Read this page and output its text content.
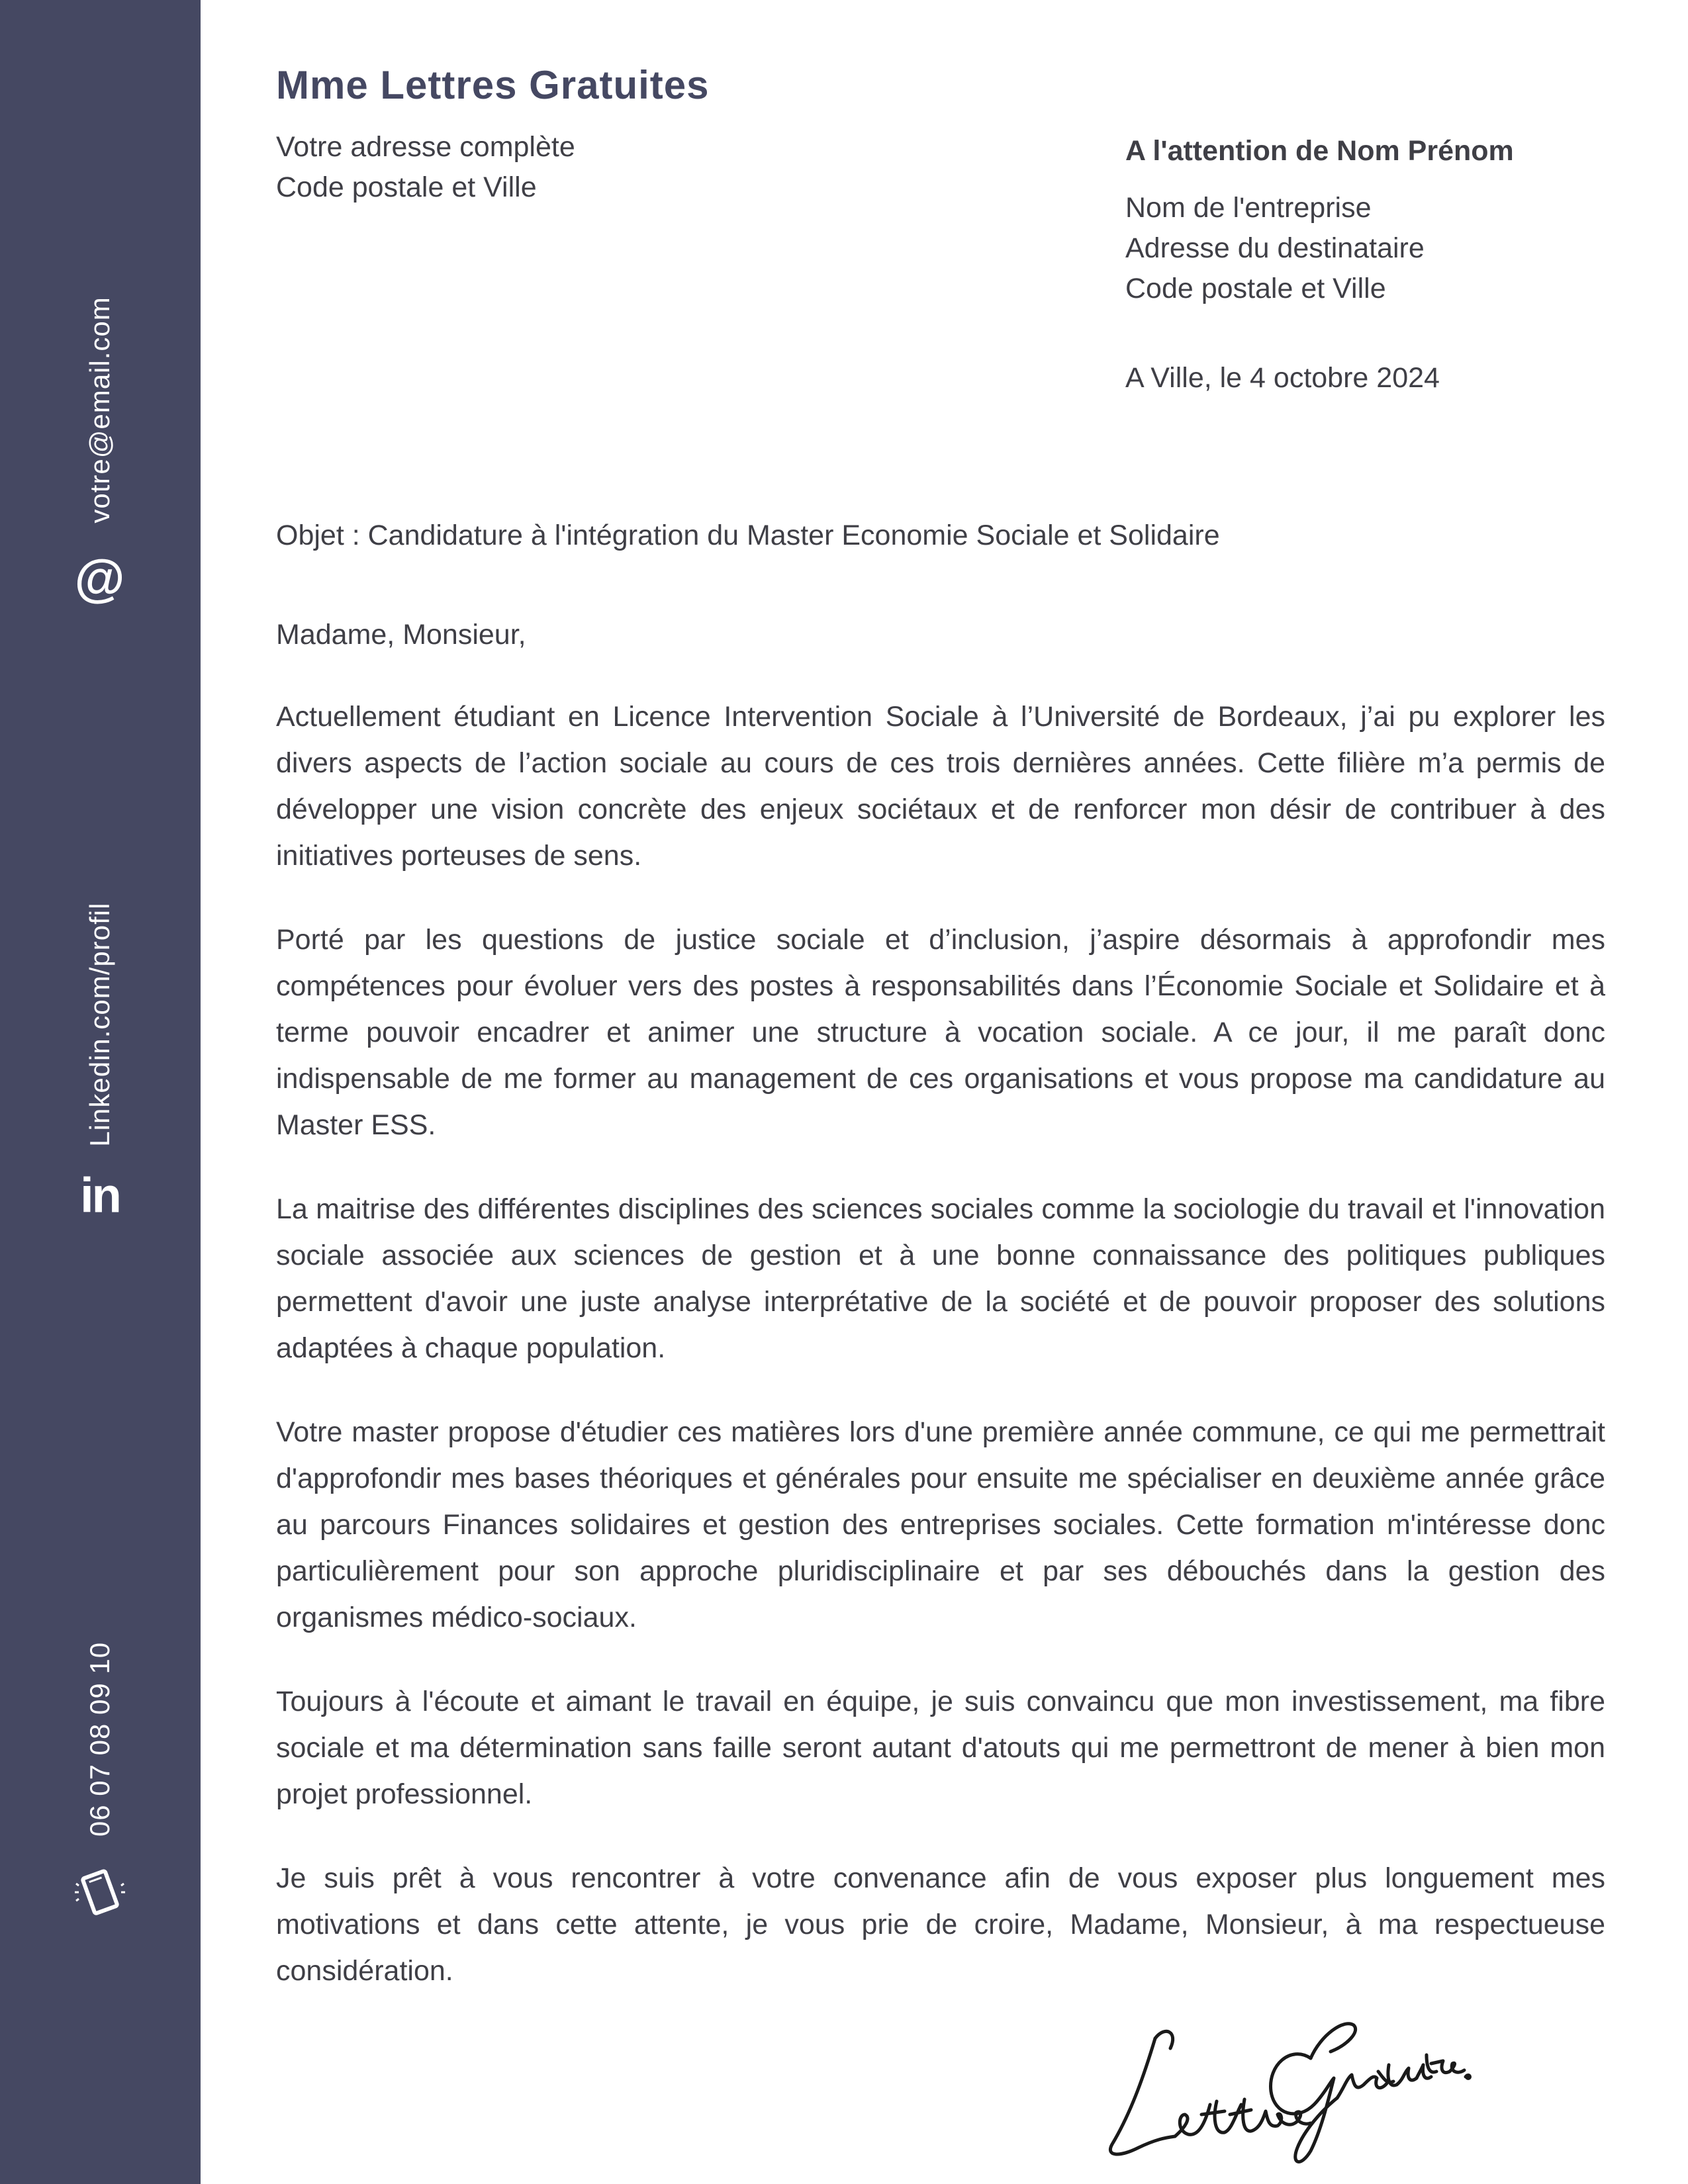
@
votre@email.com
in
Linkedin.com/profil
06 07 08 09 10
Mme Lettres Gratuites
Votre adresse complète
Code postale et Ville
A l'attention de Nom Prénom
Nom de l'entreprise
Adresse du destinataire
Code postale et Ville
A Ville, le 4 octobre 2024

Objet : Candidature à l'intégration du Master Economie Sociale et Solidaire

Madame, Monsieur,

Actuellement étudiant en Licence Intervention Sociale à l’Université de Bordeaux, j’ai pu explorer les divers aspects de l’action sociale au cours de ces trois dernières années. Cette filière m’a permis de développer une vision concrète des enjeux sociétaux et de renforcer mon désir de contribuer à des initiatives porteuses de sens.

Porté par les questions de justice sociale et d’inclusion, j’aspire désormais à approfondir mes compétences pour évoluer vers des postes à responsabilités dans l’Économie Sociale et Solidaire et à terme pouvoir encadrer et animer une structure à vocation sociale. A ce jour, il me paraît donc indispensable de me former au management de ces organisations et vous propose ma candidature au Master ESS.

La maitrise des différentes disciplines des sciences sociales comme la sociologie du travail et l'innovation sociale associée aux sciences de gestion et à une bonne connaissance des politiques publiques permettent d'avoir une juste analyse interprétative de la société et de pouvoir proposer des solutions adaptées à chaque population.

Votre master propose d'étudier ces matières lors d'une première année commune, ce qui me permettrait d'approfondir mes bases théoriques et générales pour ensuite me spécialiser en deuxième année grâce au parcours Finances solidaires et gestion des entreprises sociales. Cette formation m'intéresse donc particulièrement pour son approche pluridisciplinaire et par ses débouchés dans la gestion des organismes médico-sociaux.

Toujours à l'écoute et aimant le travail en équipe, je suis convaincu que mon investissement, ma fibre sociale et ma détermination sans faille seront autant d'atouts qui me permettront de mener à bien mon projet professionnel.

Je suis prêt à vous rencontrer à votre convenance afin de vous exposer plus longuement mes motivations et dans cette attente, je vous prie de croire, Madame, Monsieur, à ma respectueuse considération.
